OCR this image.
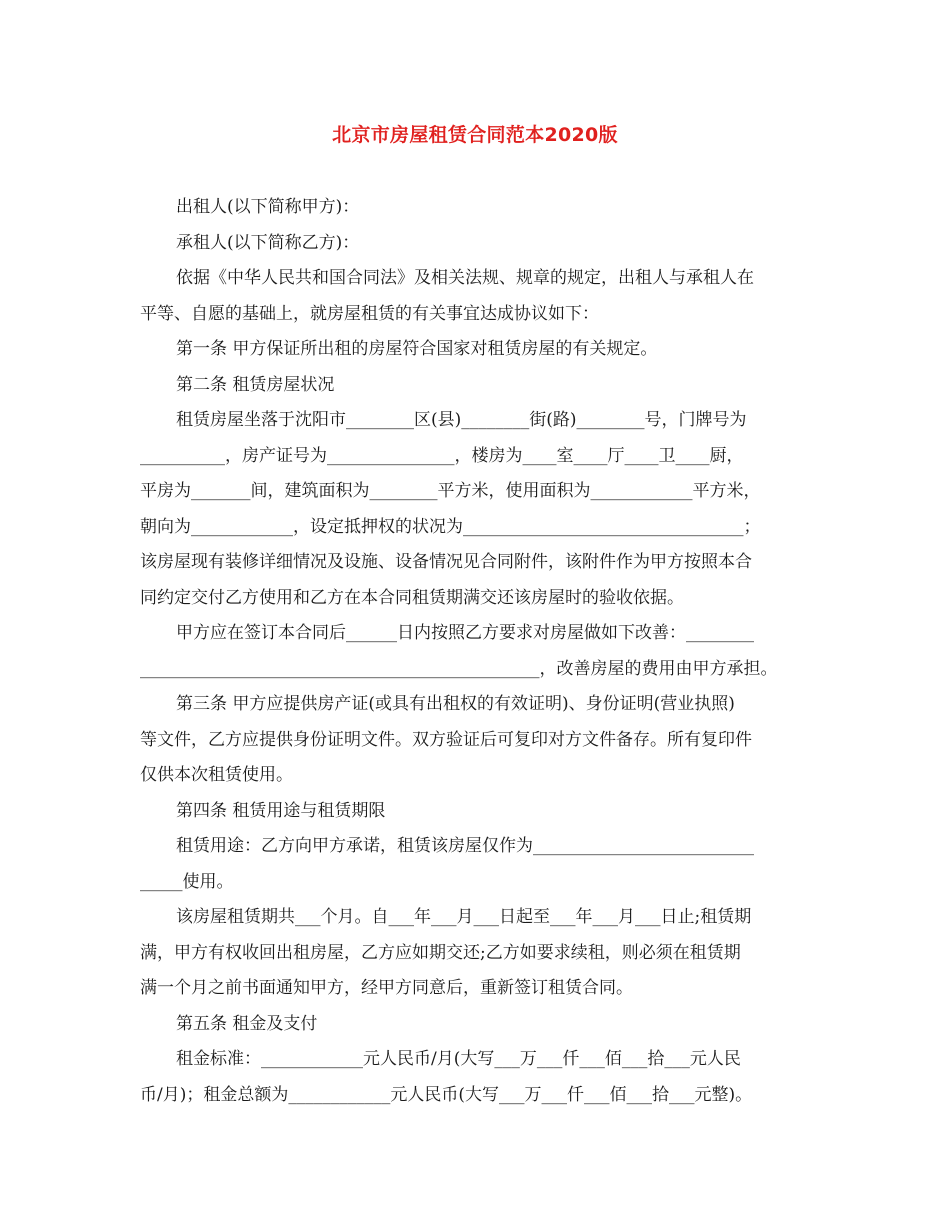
北京市房屋租赁合同范本2020版
出租人(以下简称甲方)：
承租人(以下简称乙方)：
依据《中华人民共和国合同法》及相关法规、规章的规定，出租人与承租人在
平等、自愿的基础上，就房屋租赁的有关事宜达成协议如下：
第一条 甲方保证所出租的房屋符合国家对租赁房屋的有关规定。
第二条 租赁房屋状况
租赁房屋坐落于沈阳市________区(县)________街(路)________号，门牌号为
__________，房产证号为_______________，楼房为____室____厅____卫____厨，
平房为_______间，建筑面积为________平方米，使用面积为____________平方米，
朝向为____________，设定抵押权的状况为_________________________________；
该房屋现有装修详细情况及设施、设备情况见合同附件，该附件作为甲方按照本合
同约定交付乙方使用和乙方在本合同租赁期满交还该房屋时的验收依据。
甲方应在签订本合同后______日内按照乙方要求对房屋做如下改善：________
_______________________________________________，改善房屋的费用由甲方承担。
第三条 甲方应提供房产证(或具有出租权的有效证明)、身份证明(营业执照)
等文件，乙方应提供身份证明文件。双方验证后可复印对方文件备存。所有复印件
仅供本次租赁使用。
第四条 租赁用途与租赁期限
租赁用途：乙方向甲方承诺，租赁该房屋仅作为__________________________
_____使用。
该房屋租赁期共___个月。自___年___月___日起至___年___月___日止;租赁期
满，甲方有权收回出租房屋，乙方应如期交还;乙方如要求续租，则必须在租赁期
满一个月之前书面通知甲方，经甲方同意后，重新签订租赁合同。
第五条 租金及支付
租金标准：____________元人民币/月(大写___万___仟___佰___拾___元人民
币/月)；租金总额为____________元人民币(大写___万___仟___佰___拾___元整)。
